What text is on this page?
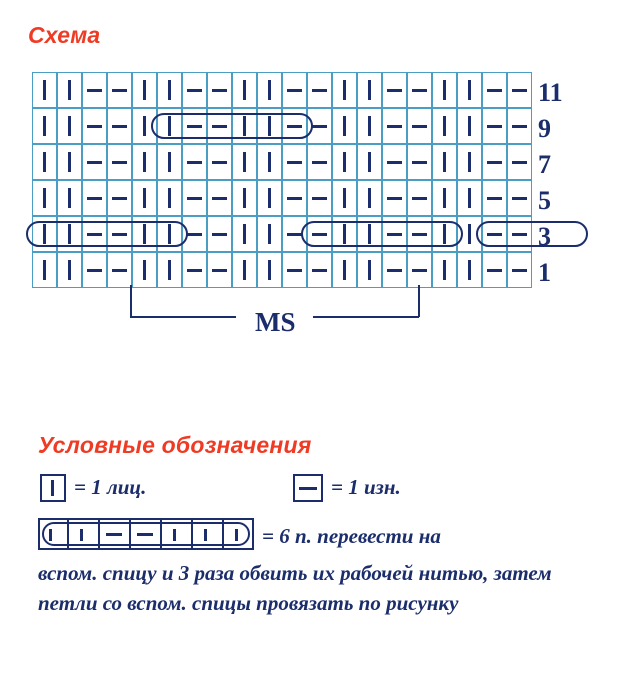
Схема
Условные обозначения
11
9
7
5
3
1
MS
= 1 лиц.	= 1 изн.
= 6 п. перевести на
вспом. спицу и 3 раза обвить их рабочей нитью, затем петли со вспом. спицы провязать по рисунку
